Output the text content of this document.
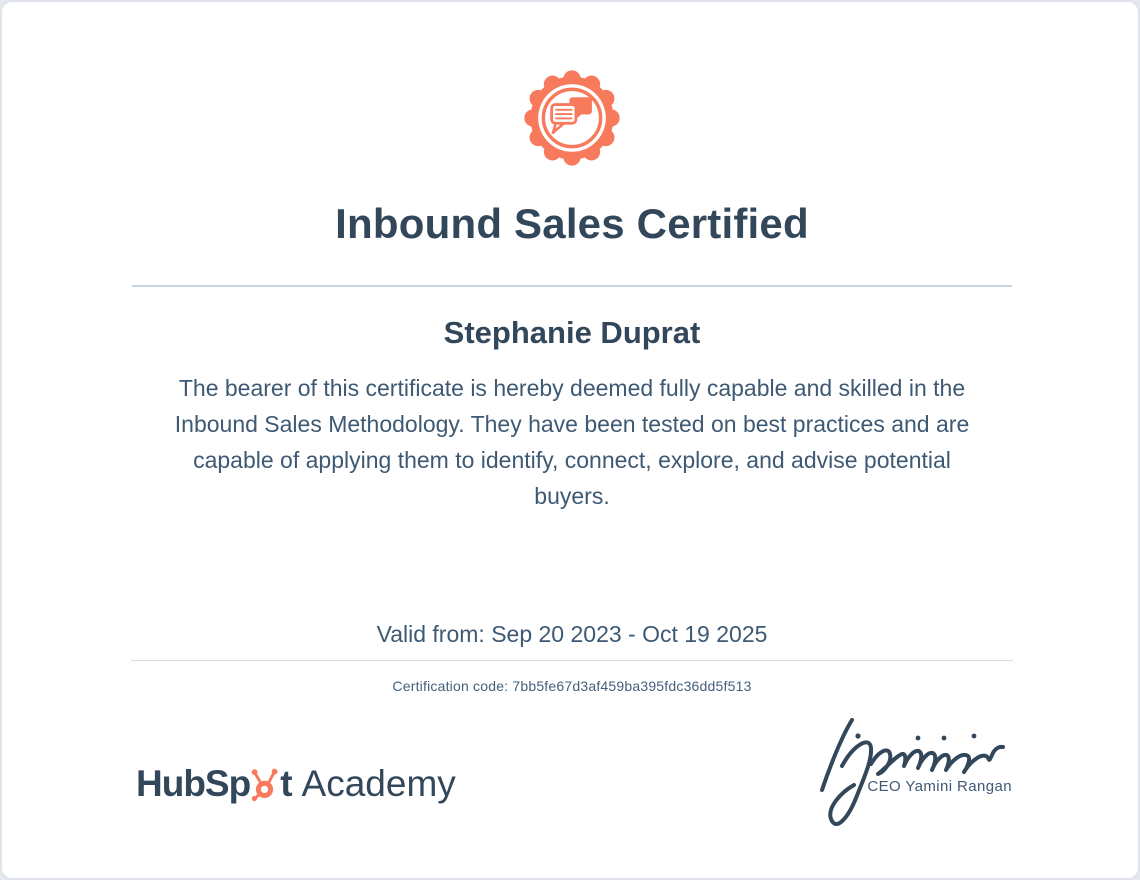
Inbound Sales Certified
Stephanie Duprat
The bearer of this certificate is hereby deemed fully capable and skilled in the
Inbound Sales Methodology. They have been tested on best practices and are
capable of applying them to identify, connect, explore, and advise potential
buyers.
Valid from: Sep 20 2023 - Oct 19 2025
Certification code: 7bb5fe67d3af459ba395fdc36dd5f513
HubSp t Academy	CEO Yamini Rangan
